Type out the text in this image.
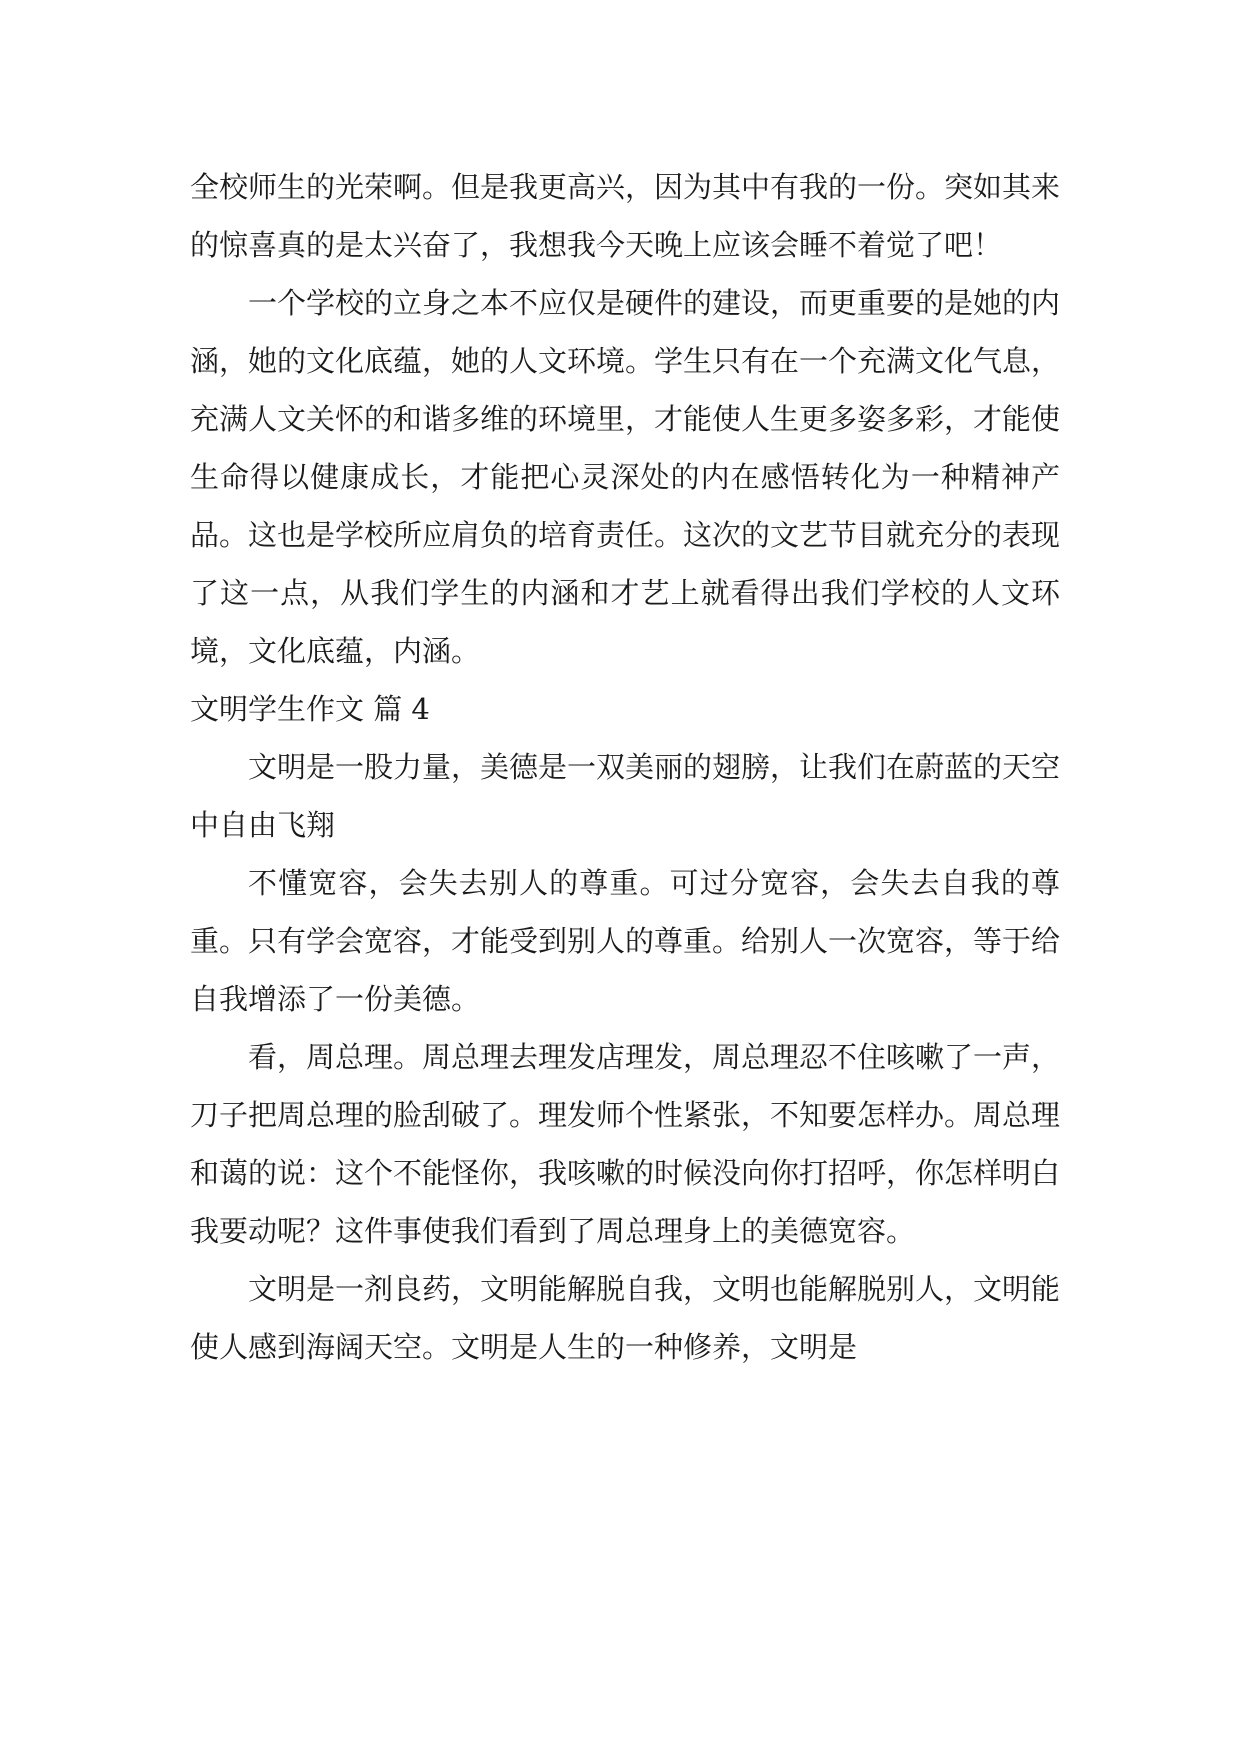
全校师生的光荣啊。但是我更高兴，因为其中有我的一份。突如其来的惊喜真的是太兴奋了，我想我今天晚上应该会睡不着觉了吧！

一个学校的立身之本不应仅是硬件的建设，而更重要的是她的内涵，她的文化底蕴，她的人文环境。学生只有在一个充满文化气息，充满人文关怀的和谐多维的环境里，才能使人生更多姿多彩，才能使生命得以健康成长，才能把心灵深处的内在感悟转化为一种精神产品。这也是学校所应肩负的培育责任。这次的文艺节目就充分的表现了这一点，从我们学生的内涵和才艺上就看得出我们学校的人文环境，文化底蕴，内涵。

文明学生作文 篇 4

文明是一股力量，美德是一双美丽的翅膀，让我们在蔚蓝的天空中自由飞翔

不懂宽容，会失去别人的尊重。可过分宽容，会失去自我的尊重。只有学会宽容，才能受到别人的尊重。给别人一次宽容，等于给自我增添了一份美德。

看，周总理。周总理去理发店理发，周总理忍不住咳嗽了一声，刀子把周总理的脸刮破了。理发师个性紧张，不知要怎样办。周总理和蔼的说：这个不能怪你，我咳嗽的时候没向你打招呼，你怎样明白我要动呢？这件事使我们看到了周总理身上的美德宽容。

文明是一剂良药，文明能解脱自我，文明也能解脱别人，文明能使人感到海阔天空。文明是人生的一种修养，文明是
